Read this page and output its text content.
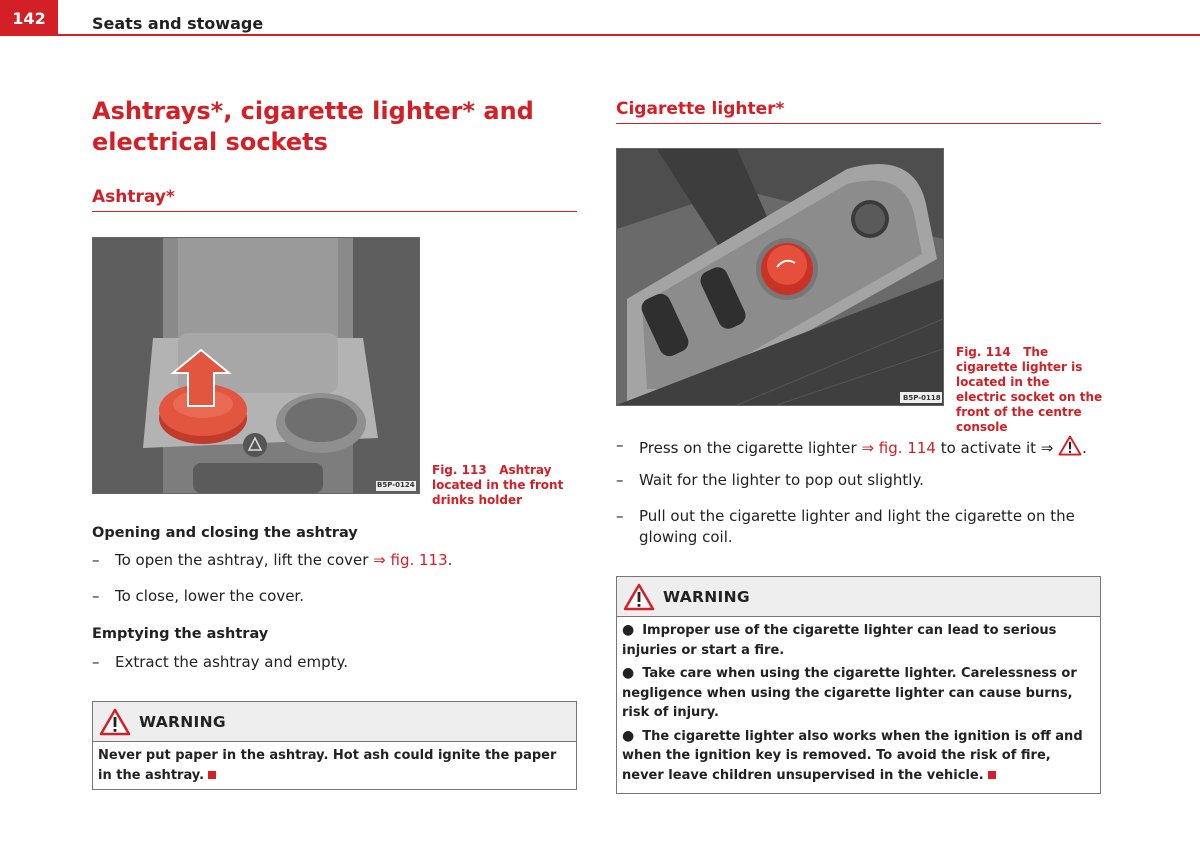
142	Seats and stowage
Ashtrays*, cigarette lighter* and electrical sockets
Ashtray*
B5P-0124
Fig. 113 Ashtray located in the front drinks holder
Opening and closing the ashtray
–	To open the ashtray, lift the cover ⇒ fig. 113.
–	To close, lower the cover.
Emptying the ashtray
–	Extract the ashtray and empty.
WARNING
Never put paper in the ashtray. Hot ash could ignite the paper in the ashtray.
Cigarette lighter*
B5P-0118
Fig. 114 The cigarette lighter is located in the electric socket on the front of the centre console
–	Press on the cigarette lighter ⇒ fig. 114 to activate it ⇒ .
–	Wait for the lighter to pop out slightly.
–	Pull out the cigarette lighter and light the cigarette on the glowing coil.
WARNING
● Improper use of the cigarette lighter can lead to serious injuries or start a fire.
● Take care when using the cigarette lighter. Carelessness or negligence when using the cigarette lighter can cause burns, risk of injury.
● The cigarette lighter also works when the ignition is off and when the ignition key is removed. To avoid the risk of fire, never leave children unsupervised in the vehicle.
